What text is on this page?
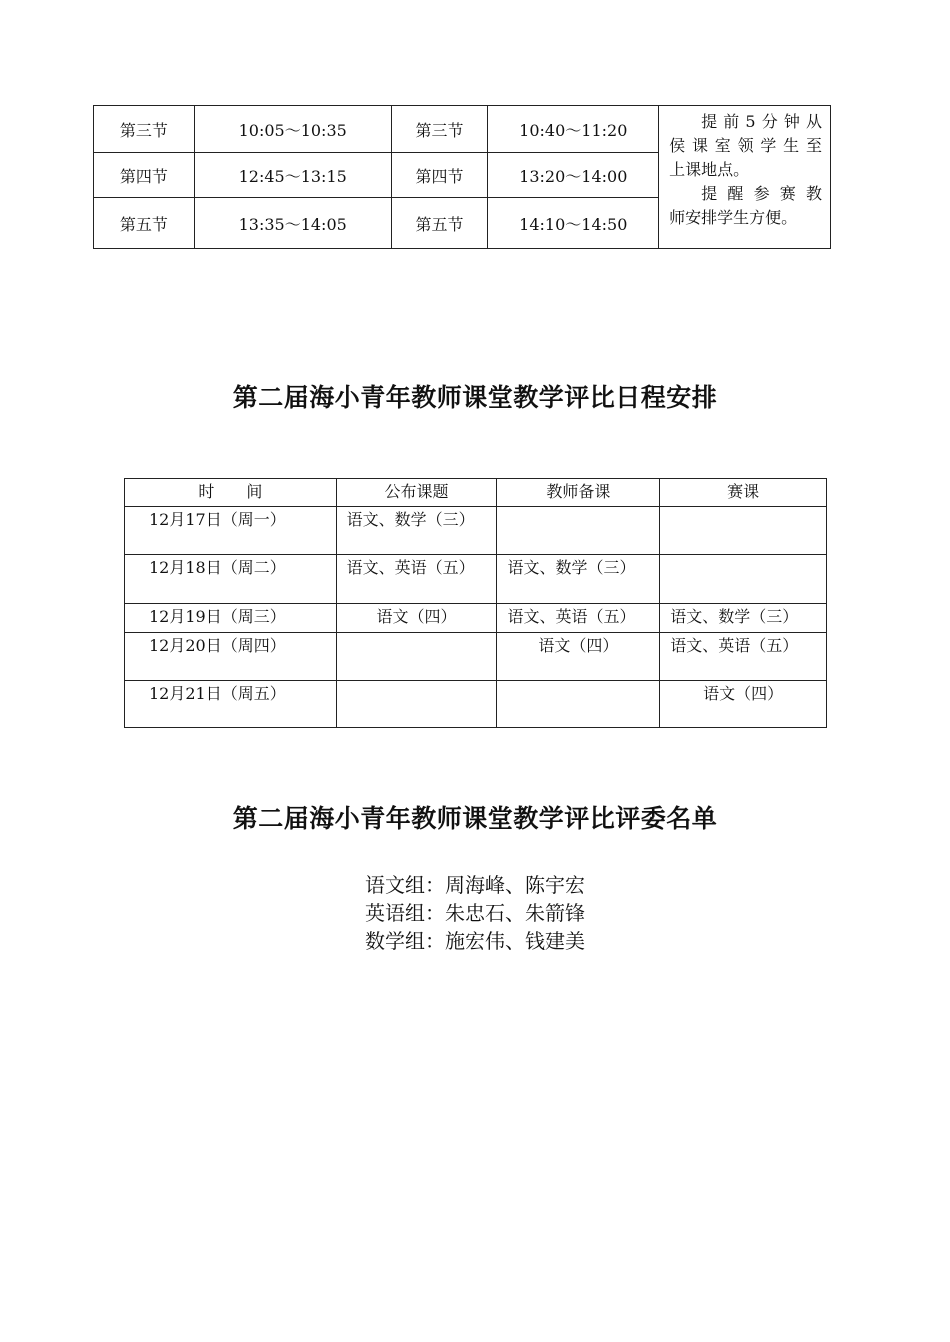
第三节	10:05～10:35	第三节	10:40～11:20	提前5分钟从
侯课室领学生至
上课地点。
提醒参赛教
师安排学生方便。

第四节	12:45～13:15	第四节	13:20～14:00	
第五节	13:35～14:05	第五节	14:10～14:50	
第二届海小青年教师课堂教学评比日程安排
时　　间	公布课题	教师备课	赛课
12月17日（周一）	语文、数学（三）		
12月18日（周二）	语文、英语（五）	语文、数学（三）	
12月19日（周三）	语文（四）	语文、英语（五）	语文、数学（三）
12月20日（周四）		语文（四）	语文、英语（五）
12月21日（周五）			语文（四）
第二届海小青年教师课堂教学评比评委名单
语文组：周海峰、陈宇宏
英语组：朱忠石、朱箭锋
数学组：施宏伟、钱建美
